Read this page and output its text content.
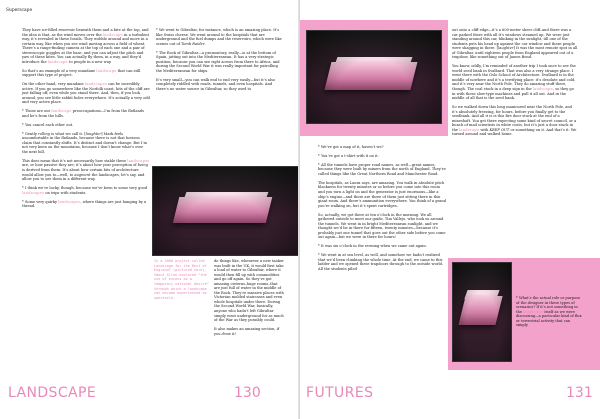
Superscape

They have ice-filled reservoir beneath them and a kite at the top, and the idea is that, as the wind moves over the landscape in a turbulent way, it’s revealed in these fossils. They wobble around and move in a certain way, like when you see wind moving across a field of wheat. There’s a range-finding camera at the top of each one and a pair of stereoscopic goggles at the base, and you can adjust the pitch and yaw of these kites. You can actually fly them, in a way, and they’d introduce the landscape to people in a new way.

So that’s an example of a very mundane landscape that can still support this type of project.

On the other hand, very mundane landscapes can be incredibly active. If you go somewhere like the Norfolk coast, bits of the cliff are just falling off, even while you stand there. And, then, if you look around, you see little rabbit holes everywhere. It’s actually a very odd and very active place.

* Those are our landscape preoccupations—I’m from the flatlands and he’s from the hills.

* You cancel each other out.

* Gently rolling is what we call it. [laughter] Mark feels uncomfortable in the flatlands, because there is not that horizon claim that constantly shifts. It’s distinct and doesn’t change. But I’m not very keen on the mountains, because I don’t know what’s over the next hill.

This does mean that it’s not necessarily how stable these landscapes are, or how passive they are; it’s about how your perception of being is derived from them. It’s about how certain bits of architecture would allow you to—well, to augment the landscapes, let’s say, and allow you to see them in a different way.

* I think we’re lucky, though, because we’ve been to some very good landscapes on trips with students.

* Some very quirky landscapes, where things are just hanging by a thread.

* We went to Gibraltar, for instance, which is an amazing place. It’s like Swiss cheese. We went around to the hospitals that are underground and the fuel dumps and the reservoirs, which were like scenes out of Tomb Raider.

* The Rock of Gibraltar—a promontory, really—is at the bottom of Spain, jutting out into the Mediterranean. It has a very strategic position, because you can see right across from there to Africa, and during the Second World War it was really important for patrolling the Mediterranean for ships.

It’s very small—you can walk end to end very easily—but it’s also completely riddled with roads, tunnels, and even hospitals. And there’s no water source in Gibraltar, so they used to

In a 2008 project called Landscape for the Best of England? (pictured here), Smout Allen explored “the use of excess as a temporary national desire” through which a landscape can become experienced as spectacle.

do things like, whenever a new tanker was built in the UK, it would first take a load of water to Gibraltar, where it would then fill up with commodities and go off again. So they’ve got amazing cisterns–huge rooms–that are just full of water in the middle of the Rock. They’re massive places with Victorian molded staircases and even whole hospitals under there. During the Second World War, basically, anyone who hadn’t left Gibraltar simply went underground for as much of the War as they possibly could.

It also makes an amazing section, if you draw it!

LANDSCAPE	130

* We’ve got a map of it, haven’t we?

* You’ve got a t-shirt with it on it.

* All the tunnels have proper road names, as well—great names, because they were built by miners from the north of England. They’re called things like the Great Northern Road and Manchester Road.

The hospitals, as Laura says, are amazing. You walk in absolute pitch blackness for twenty minutes or so before you come into this room and you turn a light on and the generator is just enormous—like a ship’s engine—and there are three of them just sitting there in this giant room. And there’s ammunition everywhere. You think of a grand you’re walking on, but it’s spent cartridges.

So, actually, we got there at ten o’clock in the morning. We all gathered outside to meet our guide, Tim Vallejo, who took us around the tunnels. We went in in bright Mediterranean sunlight, and we thought we’d be in there for fifteen, twenty minutes—because it’s probably just one tunnel that goes out the other side before you come out again—but we were in there for hours!

* It was six o’clock in the evening when we came out again.

* We went in at sea level, as well, and somehow we hadn’t realized that we’d been climbing the whole time. At the end, we came to this ladder and we opened these trapdoors through to the outside world. All the students piled

out onto a cliff edge—it’s a 600-meter sheer cliff–and there was a car parked there with all it’s windows steamed up. We were just standing around this car, blinking in the sunlight, till one of the students puts his head up against the car window and these people were shagging in there. [laughter] It was the most remote spot in all of Gibraltar, until eighteen people from England appeared out of a trapdoor, like something out of James Bond.

You know, oddly, I’m reminded of another trip I took once to see the world seed bank in Svalbard. That was also a very strange place. I went there with the Oslo School of Architecture. Svalbard is in the middle of nowhere and it’s a terrifying place: it’s desolate and cold, and it’s very near the North Pole. They do amazing stuff there, though. The coal stock in a deep sign in the landscape, so they go in with these slow-type machines and pull it all out. And in the middle of all that is the seed bank.

So we walked down this long manicured near the North Pole, and it’s absolutely freezing, for hours, before you finally get to the seedbank. And all it is is this fire door stuck at the end of a mineshaft. You get there expecting some kind of secret council, or a bunch of mad scientists in white coats, but it’s just a door stuck in the landscape with KEEP OUT or something on it. And that’s it. We turned around and walked home.

* What’s the actual role or purpose of the designer in these types of scenarios? If it’s not something in the landscape itself as we were discussing—a particular kind of flux or terrestrial activity that can simply

FUTURES	131
